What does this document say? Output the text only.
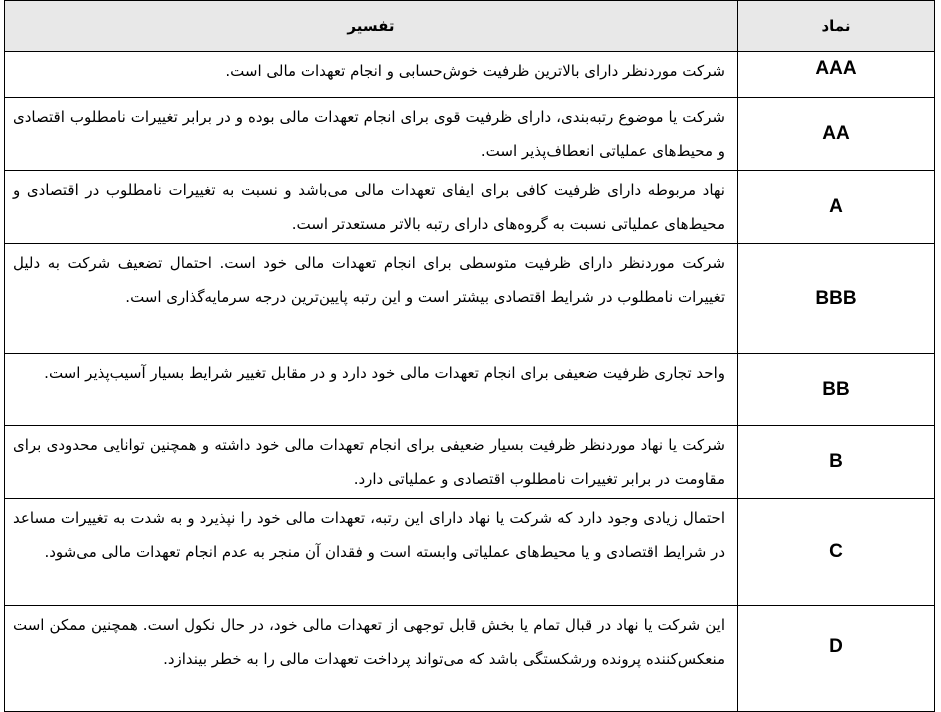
نماد	تفسیر
AAA	شرکت موردنظر دارای بالاترین ظرفیت خوش‌حسابی و انجام تعهدات مالی است.
AA	شرکت یا موضوع رتبه‌بندی، دارای ظرفیت قوی برای انجام تعهدات مالی بوده و در برابر تغییرات نامطلوب اقتصادی و محیط‌های عملیاتی انعطاف‌پذیر است.
A	نهاد مربوطه دارای ظرفیت کافی برای ایفای تعهدات مالی می‌باشد و نسبت به تغییرات نامطلوب در اقتصادی و محیط‌های عملیاتی نسبت به گروه‌های دارای رتبه بالاتر مستعدتر است.
BBB	شرکت موردنظر دارای ظرفیت متوسطی برای انجام تعهدات مالی خود است. احتمال تضعیف شرکت به دلیل تغییرات نامطلوب در شرایط اقتصادی بیشتر است و این رتبه پایین‌ترین درجه سرمایه‌گذاری است.
BB	واحد تجاری ظرفیت ضعیفی برای انجام تعهدات مالی خود دارد و در مقابل تغییر شرایط بسیار آسیب‌پذیر است.
B	شرکت یا نهاد موردنظر ظرفیت بسیار ضعیفی برای انجام تعهدات مالی خود داشته و همچنین توانایی محدودی برای مقاومت در برابر تغییرات نامطلوب اقتصادی و عملیاتی دارد.
C	احتمال زیادی وجود دارد که شرکت یا نهاد دارای این رتبه، تعهدات مالی خود را نپذیرد و به شدت به تغییرات مساعد در شرایط اقتصادی و یا محیط‌های عملیاتی وابسته است و فقدان آن منجر به عدم انجام تعهدات مالی می‌شود.
D	این شرکت یا نهاد در قبال تمام یا بخش قابل توجهی از تعهدات مالی خود، در حال نکول است. همچنین ممکن است منعکس‌کننده پرونده ورشکستگی باشد که می‌تواند پرداخت تعهدات مالی را به خطر بیندازد.
